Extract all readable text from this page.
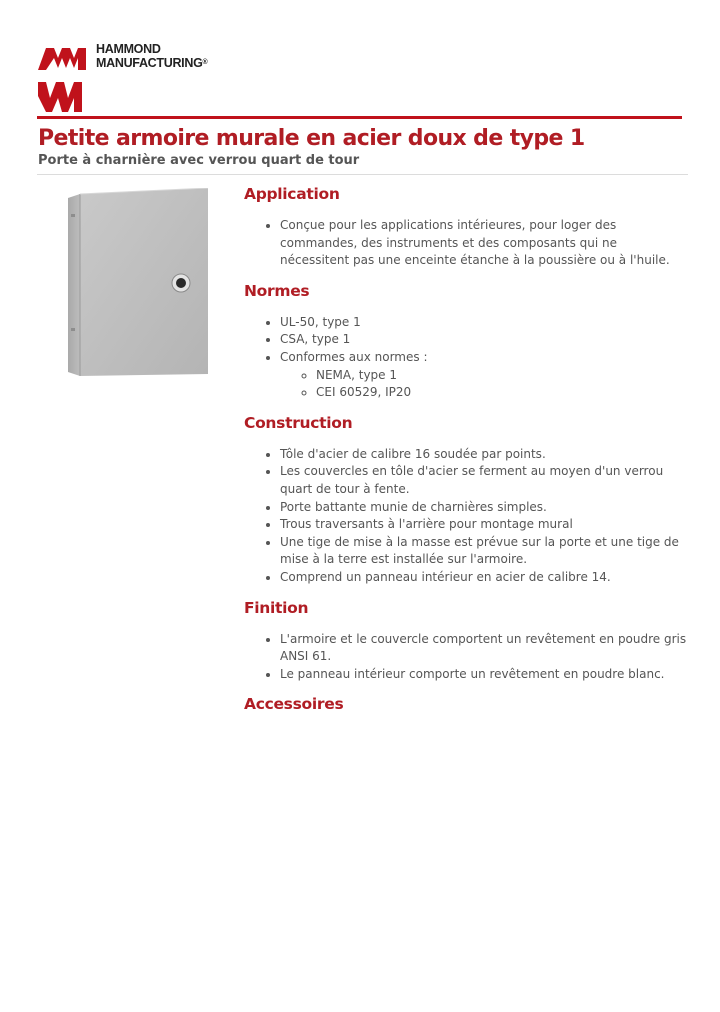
HAMMOND
MANUFACTURING®
Petite armoire murale en acier doux de type 1
Porte à charnière avec verrou quart de tour
Application
• Conçue pour les applications intérieures, pour loger des commandes, des instruments et des composants qui ne nécessitent pas une enceinte étanche à la poussière ou à l'huile.
Normes
• UL-50, type 1
• CSA, type 1
• Conformes aux normes :
◦ NEMA, type 1
◦ CEI 60529, IP20
Construction
• Tôle d'acier de calibre 16 soudée par points.
• Les couvercles en tôle d'acier se ferment au moyen d'un verrou quart de tour à fente.
• Porte battante munie de charnières simples.
• Trous traversants à l'arrière pour montage mural
• Une tige de mise à la masse est prévue sur la porte et une tige de mise à la terre est installée sur l'armoire.
• Comprend un panneau intérieur en acier de calibre 14.
Finition
• L'armoire et le couvercle comportent un revêtement en poudre gris ANSI 61.
• Le panneau intérieur comporte un revêtement en poudre blanc.
Accessoires
